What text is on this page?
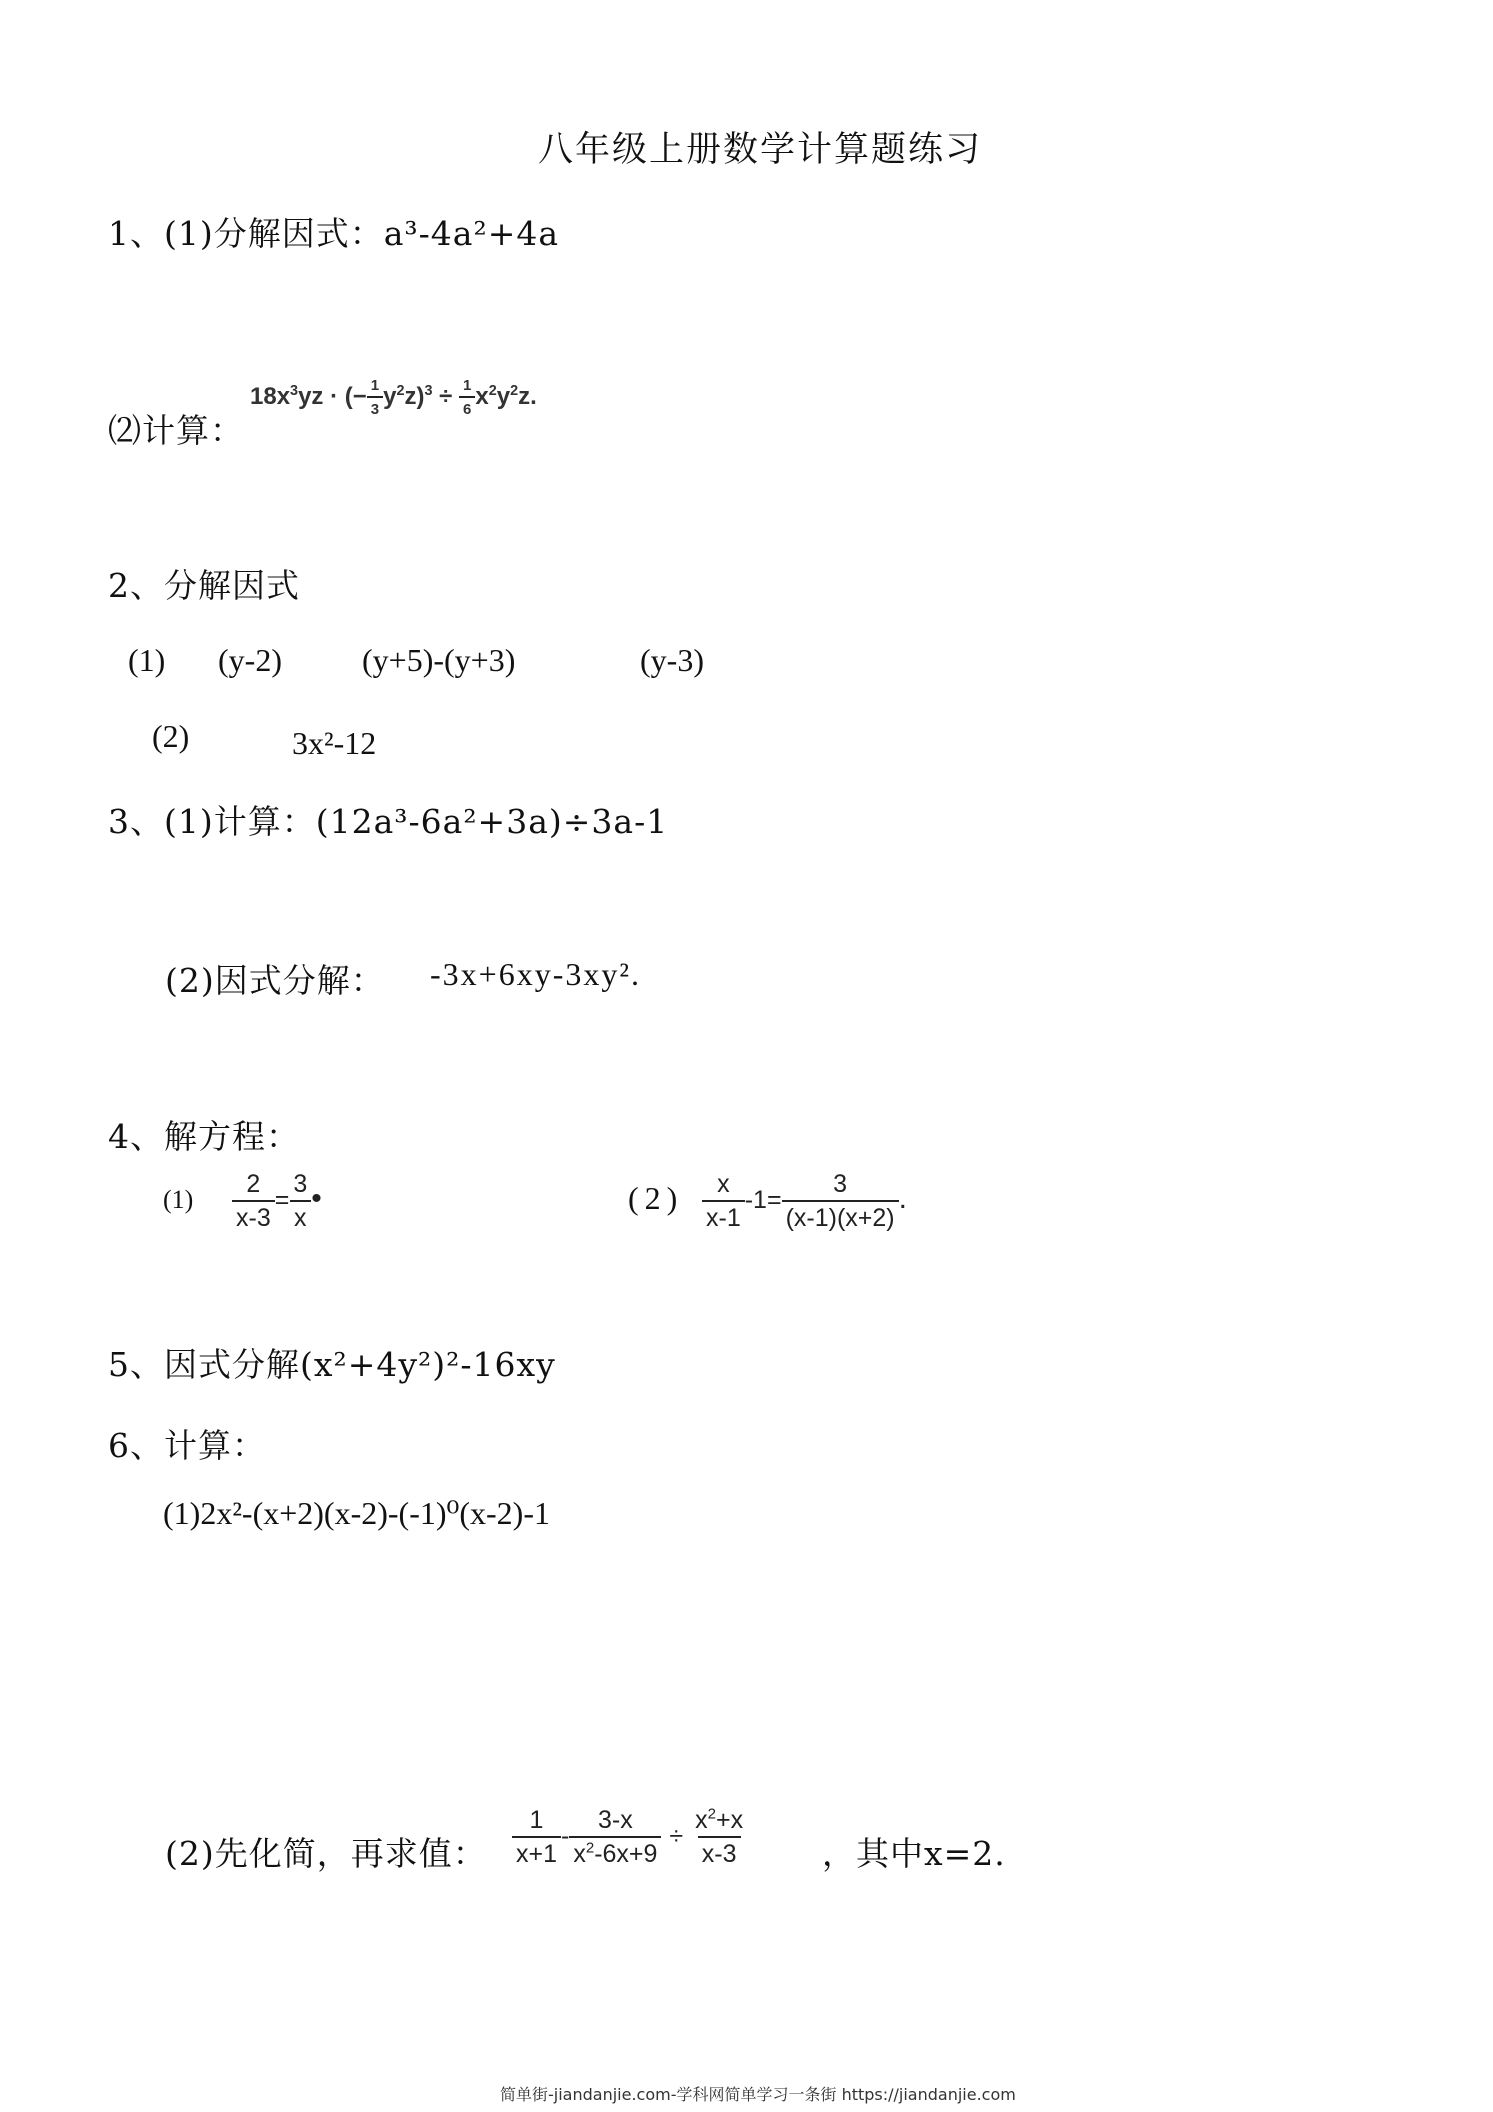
八年级上册数学计算题练习
1、(1)分解因式：a³-4a²+4a
⑵计算：
$18x^3yz$ · (− $\frac{1}{3} y^2z)^3 \div \frac{1}{6} x^2y^2z$.
2、分解因式
(1) (y-2)	(y+5)-(y+3)	(y-3)
(2)	3x²-12
3、(1)计算：(12a³-6a²+3a)÷3a-1
(2)因式分解： -3x+6xy-3xy².
4、解方程：
$(1) \frac{2}{x-3} = \frac{3}{x}$ •	$(2) \frac{x}{x-1} -1= \frac{3}{(x-1)(x+2)}$ .
5、因式分解(x²+4y²)²-16xy
6、计算：
(1)2x²-(x+2)(x-2)-(-1)⁰(x-2)-1
(2)先化简，再求值： $\frac{1}{x+1} - \frac{3-x}{x^2-6x+9} \div \frac{x^2+x}{x-3}$ ，其中x=2.
简单街-jiandanjie.com-学科网简单学习一条街 https://jiandanjie.com
